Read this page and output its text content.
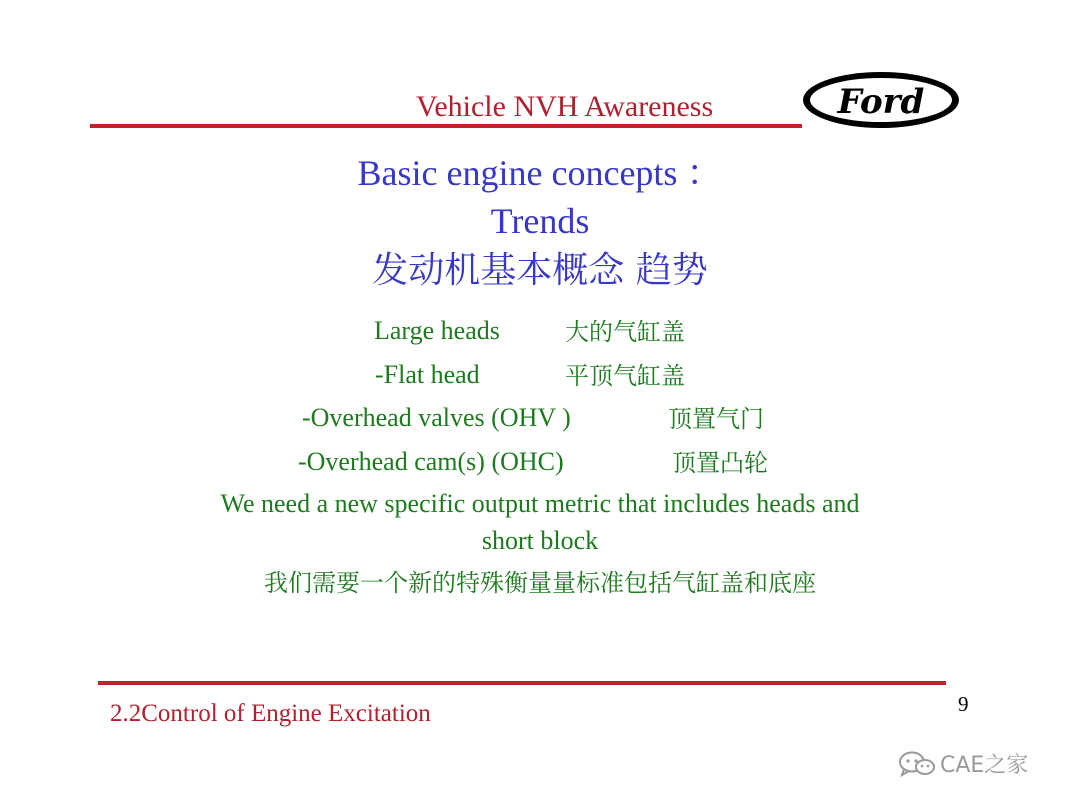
Vehicle NVH Awareness	Ford
Basic engine concepts ：
Trends
发动机基本概念 趋势
Large heads	大的气缸盖
-Flat head	平顶气缸盖
-Overhead valves (OHV )	顶置气门
-Overhead cam(s) (OHC)	顶置凸轮
We need a new specific output metric that includes heads and
short block
我们需要一个新的特殊衡量量标准包括气缸盖和底座
2.2Control of Engine Excitation	9
CAE之家
